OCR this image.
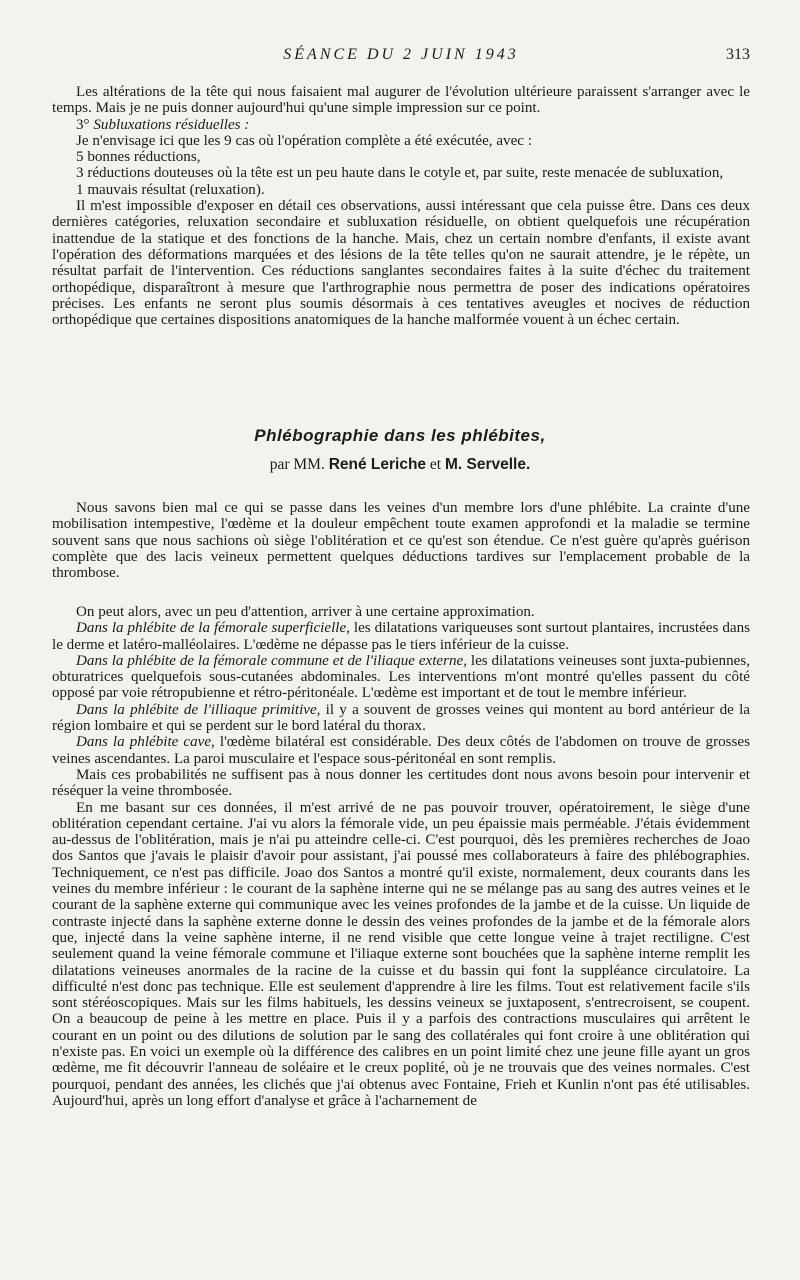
SÉANCE DU 2 JUIN 1943	313

Les altérations de la tête qui nous faisaient mal augurer de l'évolution ultérieure paraissent s'arranger avec le temps. Mais je ne puis donner aujourd'hui qu'une simple impression sur ce point.

3° Subluxations résiduelles :

Je n'envisage ici que les 9 cas où l'opération complète a été exécutée, avec :

5 bonnes réductions,

3 réductions douteuses où la tête est un peu haute dans le cotyle et, par suite, reste menacée de subluxation,

1 mauvais résultat (reluxation).

Il m'est impossible d'exposer en détail ces observations, aussi intéressant que cela puisse être. Dans ces deux dernières catégories, reluxation secondaire et subluxation résiduelle, on obtient quelquefois une récupération inattendue de la statique et des fonctions de la hanche. Mais, chez un certain nombre d'enfants, il existe avant l'opération des déformations marquées et des lésions de la tête telles qu'on ne saurait attendre, je le répète, un résultat parfait de l'intervention. Ces réductions sanglantes secondaires faites à la suite d'échec du traitement orthopédique, disparaîtront à mesure que l'arthrographie nous permettra de poser des indications opératoires précises. Les enfants ne seront plus soumis désormais à ces tentatives aveugles et nocives de réduction orthopédique que certaines dispositions anatomiques de la hanche malformée vouent à un échec certain.

Phlébographie dans les phlébites,
par MM. René Leriche et M. Servelle.

Nous savons bien mal ce qui se passe dans les veines d'un membre lors d'une phlébite. La crainte d'une mobilisation intempestive, l'œdème et la douleur empêchent toute examen approfondi et la maladie se termine souvent sans que nous sachions où siège l'oblitération et ce qu'est son étendue. Ce n'est guère qu'après guérison complète que des lacis veineux permettent quelques déductions tardives sur l'emplacement probable de la thrombose.

On peut alors, avec un peu d'attention, arriver à une certaine approximation.

Dans la phlébite de la fémorale superficielle, les dilatations variqueuses sont surtout plantaires, incrustées dans le derme et latéro-malléolaires. L'œdème ne dépasse pas le tiers inférieur de la cuisse.

Dans la phlébite de la fémorale commune et de l'iliaque externe, les dilatations veineuses sont juxta-pubiennes, obturatrices quelquefois sous-cutanées abdominales. Les interventions m'ont montré qu'elles passent du côté opposé par voie rétropubienne et rétro-péritonéale. L'œdème est important et de tout le membre inférieur.

Dans la phlébite de l'illiaque primitive, il y a souvent de grosses veines qui montent au bord antérieur de la région lombaire et qui se perdent sur le bord latéral du thorax.

Dans la phlébite cave, l'œdème bilatéral est considérable. Des deux côtés de l'abdomen on trouve de grosses veines ascendantes. La paroi musculaire et l'espace sous-péritonéal en sont remplis.

Mais ces probabilités ne suffisent pas à nous donner les certitudes dont nous avons besoin pour intervenir et réséquer la veine thrombosée.

En me basant sur ces données, il m'est arrivé de ne pas pouvoir trouver, opératoirement, le siège d'une oblitération cependant certaine. J'ai vu alors la fémorale vide, un peu épaissie mais perméable. J'étais évidemment au-dessus de l'oblitération, mais je n'ai pu atteindre celle-ci. C'est pourquoi, dès les premières recherches de Joao dos Santos que j'avais le plaisir d'avoir pour assistant, j'ai poussé mes collaborateurs à faire des phlébographies. Techniquement, ce n'est pas difficile. Joao dos Santos a montré qu'il existe, normalement, deux courants dans les veines du membre inférieur : le courant de la saphène interne qui ne se mélange pas au sang des autres veines et le courant de la saphène externe qui communique avec les veines profondes de la jambe et de la cuisse. Un liquide de contraste injecté dans la saphène externe donne le dessin des veines profondes de la jambe et de la fémorale alors que, injecté dans la veine saphène interne, il ne rend visible que cette longue veine à trajet rectiligne. C'est seulement quand la veine fémorale commune et l'iliaque externe sont bouchées que la saphène interne remplit les dilatations veineuses anormales de la racine de la cuisse et du bassin qui font la suppléance circulatoire. La difficulté n'est donc pas technique. Elle est seulement d'apprendre à lire les films. Tout est relativement facile s'ils sont stéréoscopiques. Mais sur les films habituels, les dessins veineux se juxtaposent, s'entrecroisent, se coupent. On a beaucoup de peine à les mettre en place. Puis il y a parfois des contractions musculaires qui arrêtent le courant en un point ou des dilutions de solution par le sang des collatérales qui font croire à une oblitération qui n'existe pas. En voici un exemple où la différence des calibres en un point limité chez une jeune fille ayant un gros œdème, me fit découvrir l'anneau de soléaire et le creux poplité, où je ne trouvais que des veines normales. C'est pourquoi, pendant des années, les clichés que j'ai obtenus avec Fontaine, Frieh et Kunlin n'ont pas été utilisables. Aujourd'hui, après un long effort d'analyse et grâce à l'acharnement de
